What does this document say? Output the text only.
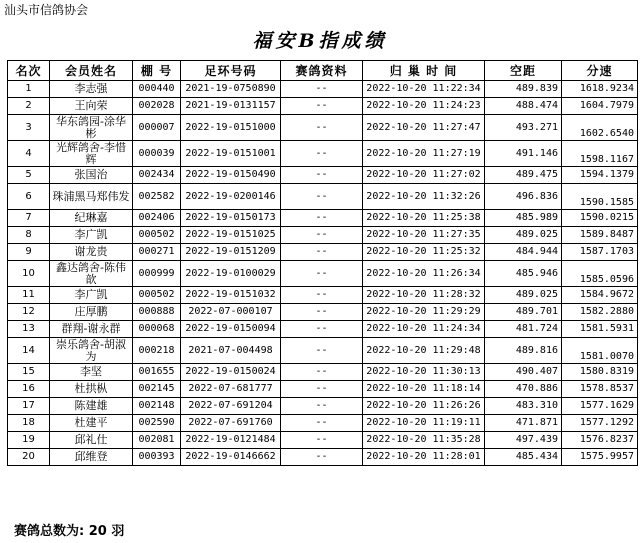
汕头市信鸽协会
福安B指成绩
名次	会员姓名	棚 号	足环号码	赛鸽资料	归 巢 时 间	空距	分速
1	李志强	000440	2021-19-0750890	--	2022-10-20 11:22:34	489.839	1618.9234
2	王向荣	002028	2021-19-0131157	--	2022-10-20 11:24:23	488.474	1604.7979
3	华东鸽园-涂华彬	000007	2022-19-0151000	--	2022-10-20 11:27:47	493.271	1602.6540
4	光辉鸽舍-李惜辉	000039	2022-19-0151001	--	2022-10-20 11:27:19	491.146	1598.1167
5	张国治	002434	2022-19-0150490	--	2022-10-20 11:27:02	489.475	1594.1379
6	珠浦黑马郑伟发	002582	2022-19-0200146	--	2022-10-20 11:32:26	496.836	1590.1585
7	纪琳嘉	002406	2022-19-0150173	--	2022-10-20 11:25:38	485.989	1590.0215
8	李广凯	000502	2022-19-0151025	--	2022-10-20 11:27:35	489.025	1589.8487
9	谢龙贵	000271	2022-19-0151209	--	2022-10-20 11:25:32	484.944	1587.1703
10	鑫达鸽舍-陈伟歆	000999	2022-19-0100029	--	2022-10-20 11:26:34	485.946	1585.0596
11	李广凯	000502	2022-19-0151032	--	2022-10-20 11:28:32	489.025	1584.9672
12	庄厚鹏	000888	2022-07-000107	--	2022-10-20 11:29:29	489.701	1582.2880
13	群翔-谢永群	000068	2022-19-0150094	--	2022-10-20 11:24:34	481.724	1581.5931
14	崇乐鸽舍-胡淑为	000218	2021-07-004498	--	2022-10-20 11:29:48	489.816	1581.0070
15	李坚	001655	2022-19-0150024	--	2022-10-20 11:30:13	490.407	1580.8319
16	杜拱枞	002145	2022-07-681777	--	2022-10-20 11:18:14	470.886	1578.8537
17	陈建雄	002148	2022-07-691204	--	2022-10-20 11:26:26	483.310	1577.1629
18	杜建平	002590	2022-07-691760	--	2022-10-20 11:19:11	471.871	1577.1292
19	邱礼仕	002081	2022-19-0121484	--	2022-10-20 11:35:28	497.439	1576.8237
20	邱维登	000393	2022-19-0146662	--	2022-10-20 11:28:01	485.434	1575.9957
赛鸽总数为: 20 羽
